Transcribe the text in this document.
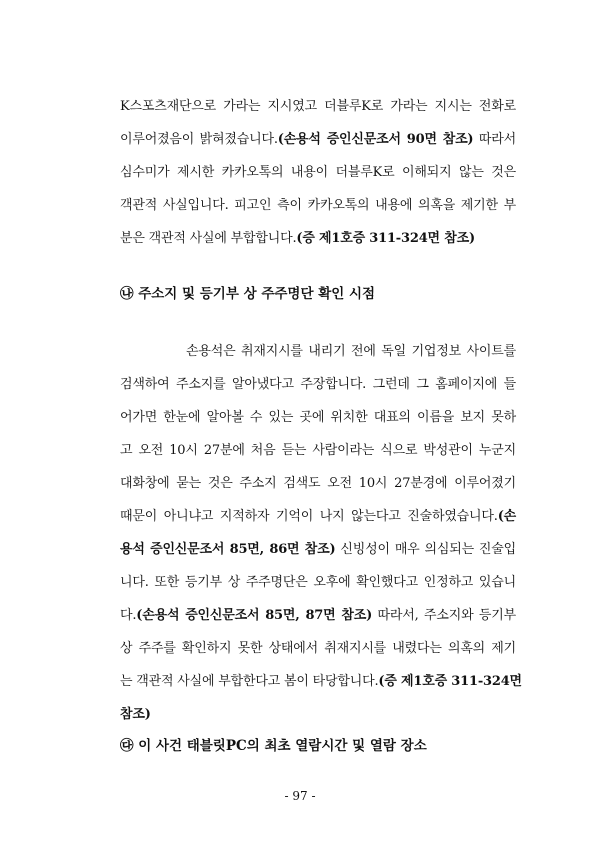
K스포츠재단으로 가라는 지시였고 더블루K로 가라는 지시는 전화로
이루어졌음이 밝혀졌습니다.(손용석 증인신문조서 90면 참조) 따라서
심수미가 제시한 카카오톡의 내용이 더블루K로 이해되지 않는 것은
객관적 사실입니다. 피고인 측이 카카오톡의 내용에 의혹을 제기한 부
분은 객관적 사실에 부합합니다.(증 제1호증 311-324면 참조)
㉯ 주소지 및 등기부 상 주주명단 확인 시점
손용석은 취재지시를 내리기 전에 독일 기업정보 사이트를
검색하여 주소지를 알아냈다고 주장합니다. 그런데 그 홈페이지에 들
어가면 한눈에 알아볼 수 있는 곳에 위치한 대표의 이름을 보지 못하
고 오전 10시 27분에 처음 듣는 사람이라는 식으로 박성관이 누군지
대화창에 묻는 것은 주소지 검색도 오전 10시 27분경에 이루어졌기
때문이 아니냐고 지적하자 기억이 나지 않는다고 진술하였습니다.(손
용석 증인신문조서 85면, 86면 참조) 신빙성이 매우 의심되는 진술입
니다. 또한 등기부 상 주주명단은 오후에 확인했다고 인정하고 있습니
다.(손용석 증인신문조서 85면, 87면 참조) 따라서, 주소지와 등기부
상 주주를 확인하지 못한 상태에서 취재지시를 내렸다는 의혹의 제기
는 객관적 사실에 부합한다고 봄이 타당합니다.(증 제1호증 311-324면
참조)
㉰ 이 사건 태블릿PC의 최초 열람시간 및 열람 장소
- 97 -
